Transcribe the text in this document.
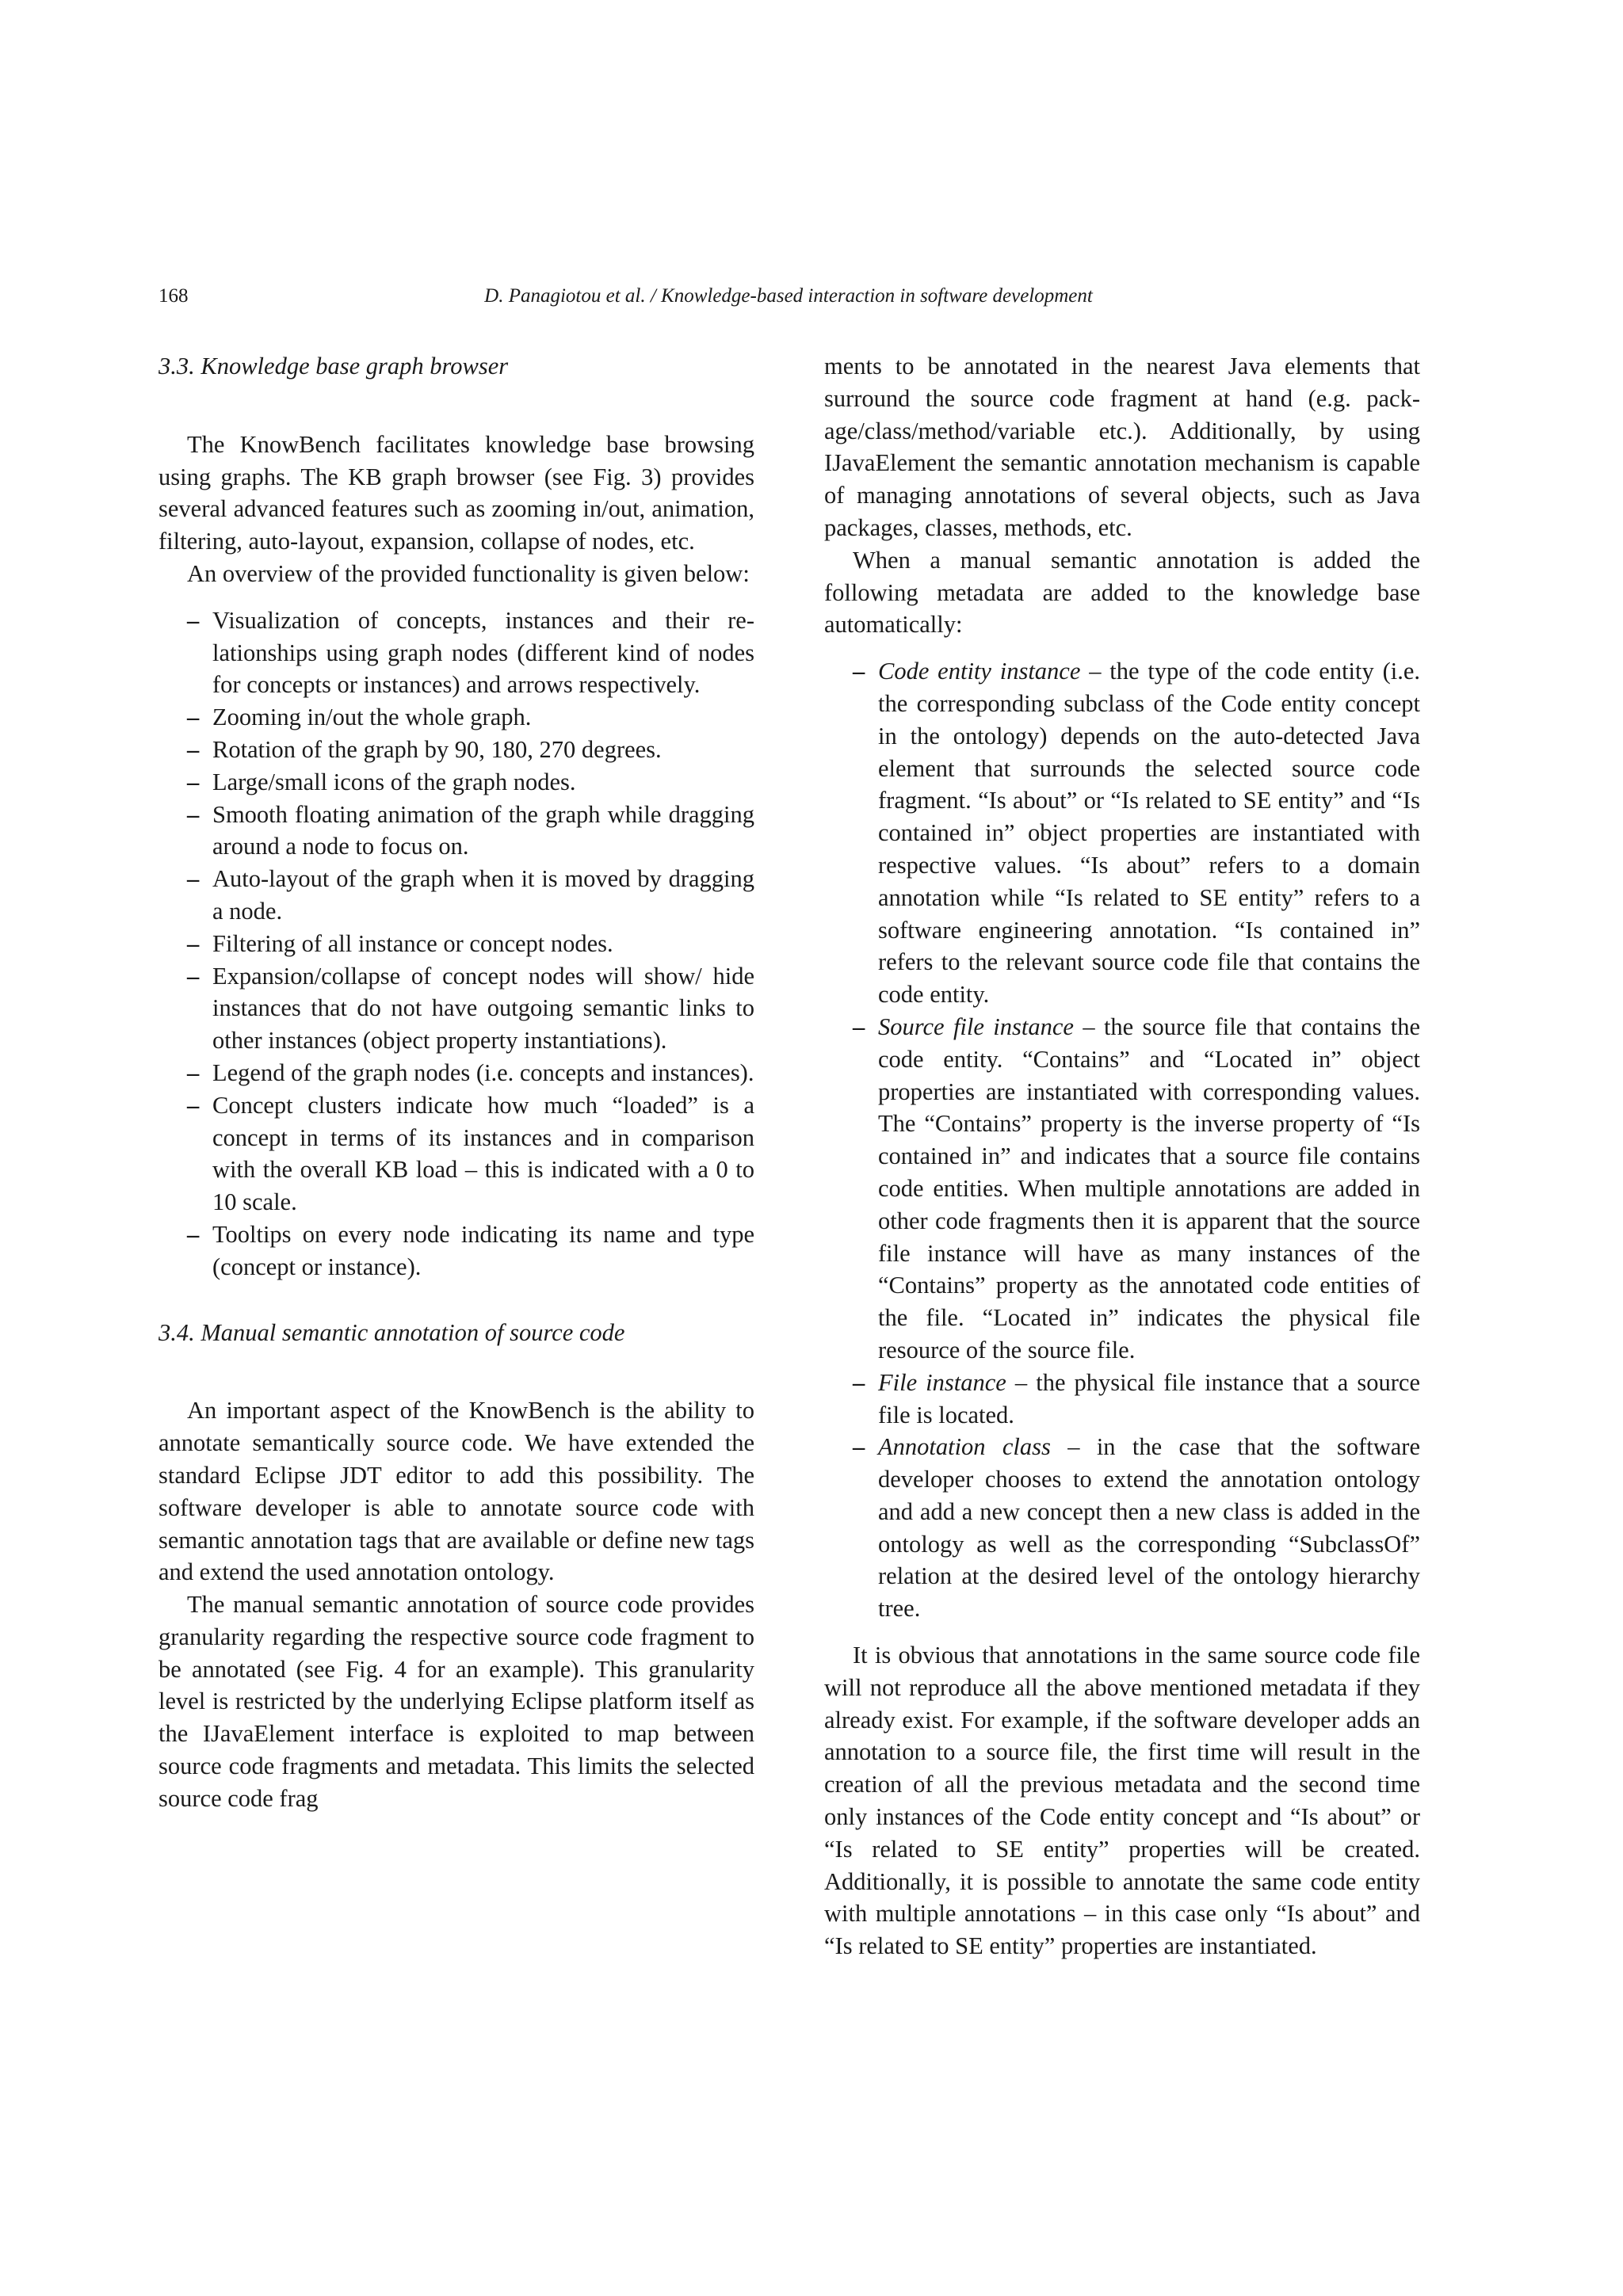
168	D. Panagiotou et al. / Knowledge-based interaction in software development
3.3. Knowledge base graph browser

The KnowBench facilitates knowledge base browsing using graphs. The KB graph browser (see Fig. 3) provides several advanced features such as zooming in/out, animation, filtering, auto-layout, expansion, collapse of nodes, etc.

An overview of the provided functionality is given below:

– Visualization of concepts, instances and their relationships using graph nodes (different kind of nodes for concepts or instances) and arrows respectively.
– Zooming in/out the whole graph.
– Rotation of the graph by 90, 180, 270 degrees.
– Large/small icons of the graph nodes.
– Smooth floating animation of the graph while dragging around a node to focus on.
– Auto-layout of the graph when it is moved by dragging a node.
– Filtering of all instance or concept nodes.
– Expansion/collapse of concept nodes will show/ hide instances that do not have outgoing semantic links to other instances (object property instantiations).
– Legend of the graph nodes (i.e. concepts and instances).
– Concept clusters indicate how much “loaded” is a concept in terms of its instances and in comparison with the overall KB load – this is indicated with a 0 to 10 scale.
– Tooltips on every node indicating its name and type (concept or instance).
3.4. Manual semantic annotation of source code

An important aspect of the KnowBench is the ability to annotate semantically source code. We have extended the standard Eclipse JDT editor to add this possibility. The software developer is able to annotate source code with semantic annotation tags that are available or define new tags and extend the used annotation ontology.

The manual semantic annotation of source code provides granularity regarding the respective source code fragment to be annotated (see Fig. 4 for an example). This granularity level is restricted by the underlying Eclipse platform itself as the IJavaElement interface is exploited to map between source code fragments and metadata. This limits the selected source code frag

ments to be annotated in the nearest Java elements that surround the source code fragment at hand (e.g. package/class/method/variable etc.). Additionally, by using IJavaElement the semantic annotation mechanism is capable of managing annotations of several objects, such as Java packages, classes, methods, etc.

When a manual semantic annotation is added the following metadata are added to the knowledge base automatically:

– Code entity instance – the type of the code entity (i.e. the corresponding subclass of the Code entity concept in the ontology) depends on the auto-detected Java element that surrounds the selected source code fragment. “Is about” or “Is related to SE entity” and “Is contained in” object properties are instantiated with respective values. “Is about” refers to a domain annotation while “Is related to SE entity” refers to a software engineering annotation. “Is contained in” refers to the relevant source code file that contains the code entity.
– Source file instance – the source file that contains the code entity. “Contains” and “Located in” object properties are instantiated with corresponding values. The “Contains” property is the inverse property of “Is contained in” and indicates that a source file contains code entities. When multiple annotations are added in other code fragments then it is apparent that the source file instance will have as many instances of the “Contains” property as the annotated code entities of the file. “Located in” indicates the physical file resource of the source file.
– File instance – the physical file instance that a source file is located.
– Annotation class – in the case that the software developer chooses to extend the annotation ontology and add a new concept then a new class is added in the ontology as well as the corresponding “SubclassOf” relation at the desired level of the ontology hierarchy tree.

It is obvious that annotations in the same source code file will not reproduce all the above mentioned metadata if they already exist. For example, if the software developer adds an annotation to a source file, the first time will result in the creation of all the previous metadata and the second time only instances of the Code entity concept and “Is about” or “Is related to SE entity” properties will be created. Additionally, it is possible to annotate the same code entity with multiple annotations – in this case only “Is about” and “Is related to SE entity” properties are instantiated.
